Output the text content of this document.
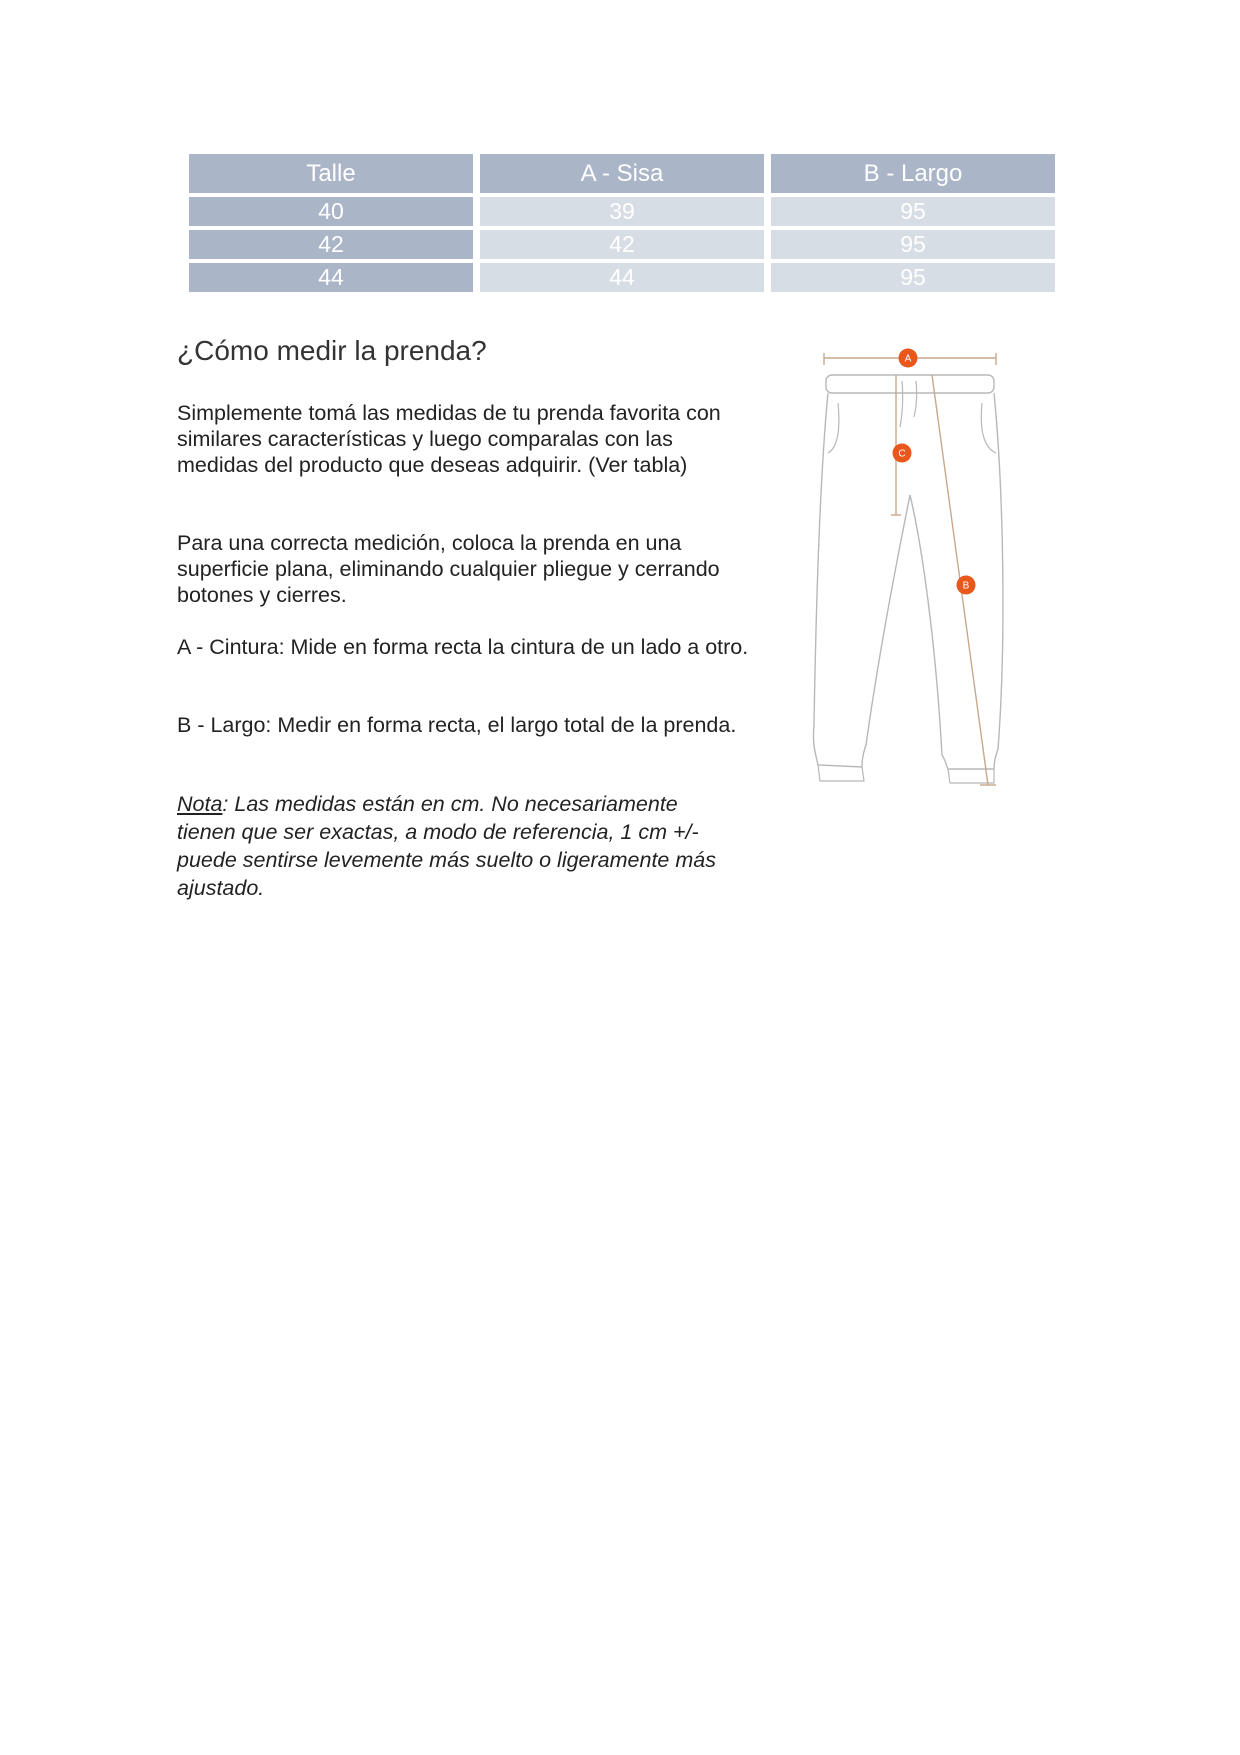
Talle	A - Sisa	B - Largo
40	39	95
42	42	95
44	44	95
¿Cómo medir la prenda?

Simplemente tomá las medidas de tu prenda favorita con similares características y luego comparalas con las medidas del producto que deseas adquirir. (Ver tabla)

Para una correcta medición, coloca la prenda en una superficie plana, eliminando cualquier pliegue y cerrando botones y cierres.

A - Cintura: Mide en forma recta la cintura de un lado a otro.

B - Largo: Medir en forma recta, el largo total de la prenda.

Nota: Las medidas están en cm. No necesariamente tienen que ser exactas, a modo de referencia, 1 cm +/- puede sentirse levemente más suelto o ligeramente más ajustado.

A
C
B
